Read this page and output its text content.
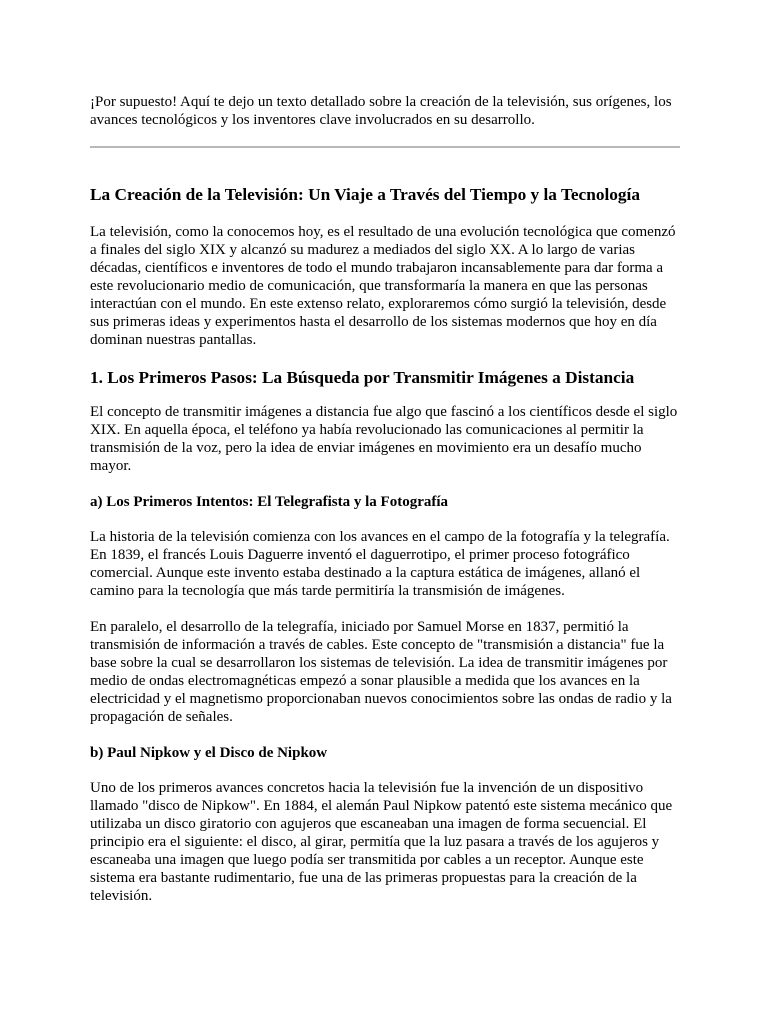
¡Por supuesto! Aquí te dejo un texto detallado sobre la creación de la televisión, sus orígenes, los avances tecnológicos y los inventores clave involucrados en su desarrollo.

La Creación de la Televisión: Un Viaje a Través del Tiempo y la Tecnología

La televisión, como la conocemos hoy, es el resultado de una evolución tecnológica que comenzó a finales del siglo XIX y alcanzó su madurez a mediados del siglo XX. A lo largo de varias décadas, científicos e inventores de todo el mundo trabajaron incansablemente para dar forma a este revolucionario medio de comunicación, que transformaría la manera en que las personas interactúan con el mundo. En este extenso relato, exploraremos cómo surgió la televisión, desde sus primeras ideas y experimentos hasta el desarrollo de los sistemas modernos que hoy en día dominan nuestras pantallas.

1. Los Primeros Pasos: La Búsqueda por Transmitir Imágenes a Distancia

El concepto de transmitir imágenes a distancia fue algo que fascinó a los científicos desde el siglo XIX. En aquella época, el teléfono ya había revolucionado las comunicaciones al permitir la transmisión de la voz, pero la idea de enviar imágenes en movimiento era un desafío mucho mayor.

a) Los Primeros Intentos: El Telegrafista y la Fotografía

La historia de la televisión comienza con los avances en el campo de la fotografía y la telegrafía. En 1839, el francés Louis Daguerre inventó el daguerrotipo, el primer proceso fotográfico comercial. Aunque este invento estaba destinado a la captura estática de imágenes, allanó el camino para la tecnología que más tarde permitiría la transmisión de imágenes.

En paralelo, el desarrollo de la telegrafía, iniciado por Samuel Morse en 1837, permitió la transmisión de información a través de cables. Este concepto de "transmisión a distancia" fue la base sobre la cual se desarrollaron los sistemas de televisión. La idea de transmitir imágenes por medio de ondas electromagnéticas empezó a sonar plausible a medida que los avances en la electricidad y el magnetismo proporcionaban nuevos conocimientos sobre las ondas de radio y la propagación de señales.

b) Paul Nipkow y el Disco de Nipkow

Uno de los primeros avances concretos hacia la televisión fue la invención de un dispositivo llamado "disco de Nipkow". En 1884, el alemán Paul Nipkow patentó este sistema mecánico que utilizaba un disco giratorio con agujeros que escaneaban una imagen de forma secuencial. El principio era el siguiente: el disco, al girar, permitía que la luz pasara a través de los agujeros y escaneaba una imagen que luego podía ser transmitida por cables a un receptor. Aunque este sistema era bastante rudimentario, fue una de las primeras propuestas para la creación de la televisión.
